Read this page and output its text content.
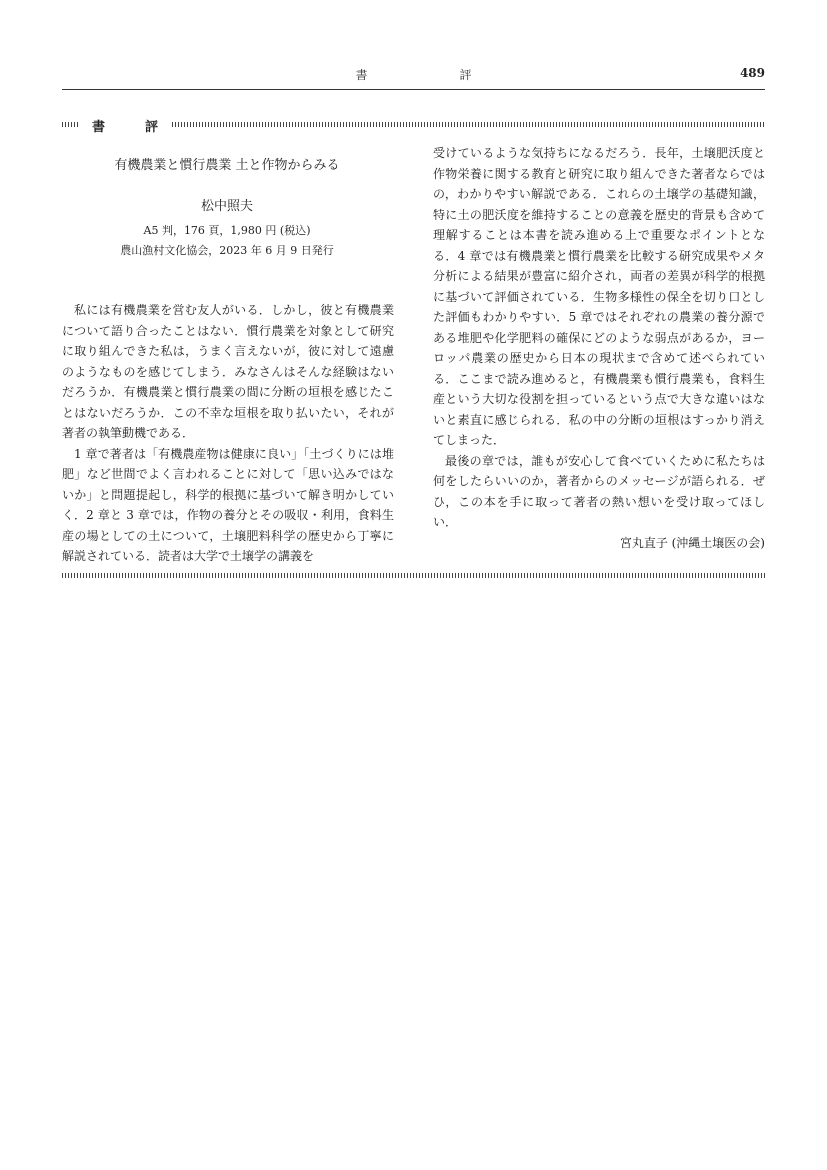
書　評	489
書	評
有機農業と慣行農業 土と作物からみる
松中照夫
A5 判，176 頁，1,980 円 (税込)
農山漁村文化協会，2023 年 6 月 9 日発行

私には有機農業を営む友人がいる．しかし，彼と有機農業について語り合ったことはない．慣行農業を対象として研究に取り組んできた私は，うまく言えないが，彼に対して遠慮のようなものを感じてしまう．みなさんはそんな経験はないだろうか．有機農業と慣行農業の間に分断の垣根を感じたことはないだろうか．この不幸な垣根を取り払いたい，それが著者の執筆動機である．

1 章で著者は「有機農産物は健康に良い」「土づくりには堆肥」など世間でよく言われることに対して「思い込みではないか」と問題提起し，科学的根拠に基づいて解き明かしていく．2 章と 3 章では，作物の養分とその吸収・利用，食料生産の場としての土について，土壌肥料科学の歴史から丁寧に解説されている．読者は大学で土壌学の講義を

受けているような気持ちになるだろう．長年，土壌肥沃度と作物栄養に関する教育と研究に取り組んできた著者ならではの，わかりやすい解説である．これらの土壌学の基礎知識，特に土の肥沃度を維持することの意義を歴史的背景も含めて理解することは本書を読み進める上で重要なポイントとなる．4 章では有機農業と慣行農業を比較する研究成果やメタ分析による結果が豊富に紹介され，両者の差異が科学的根拠に基づいて評価されている．生物多様性の保全を切り口とした評価もわかりやすい．5 章ではそれぞれの農業の養分源である堆肥や化学肥料の確保にどのような弱点があるか，ヨーロッパ農業の歴史から日本の現状まで含めて述べられている．ここまで読み進めると，有機農業も慣行農業も，食料生産という大切な役割を担っているという点で大きな違いはないと素直に感じられる．私の中の分断の垣根はすっかり消えてしまった．

最後の章では，誰もが安心して食べていくために私たちは何をしたらいいのか，著者からのメッセージが語られる．ぜひ，この本を手に取って著者の熱い想いを受け取ってほしい．

宮丸直子 (沖縄土壌医の会)
